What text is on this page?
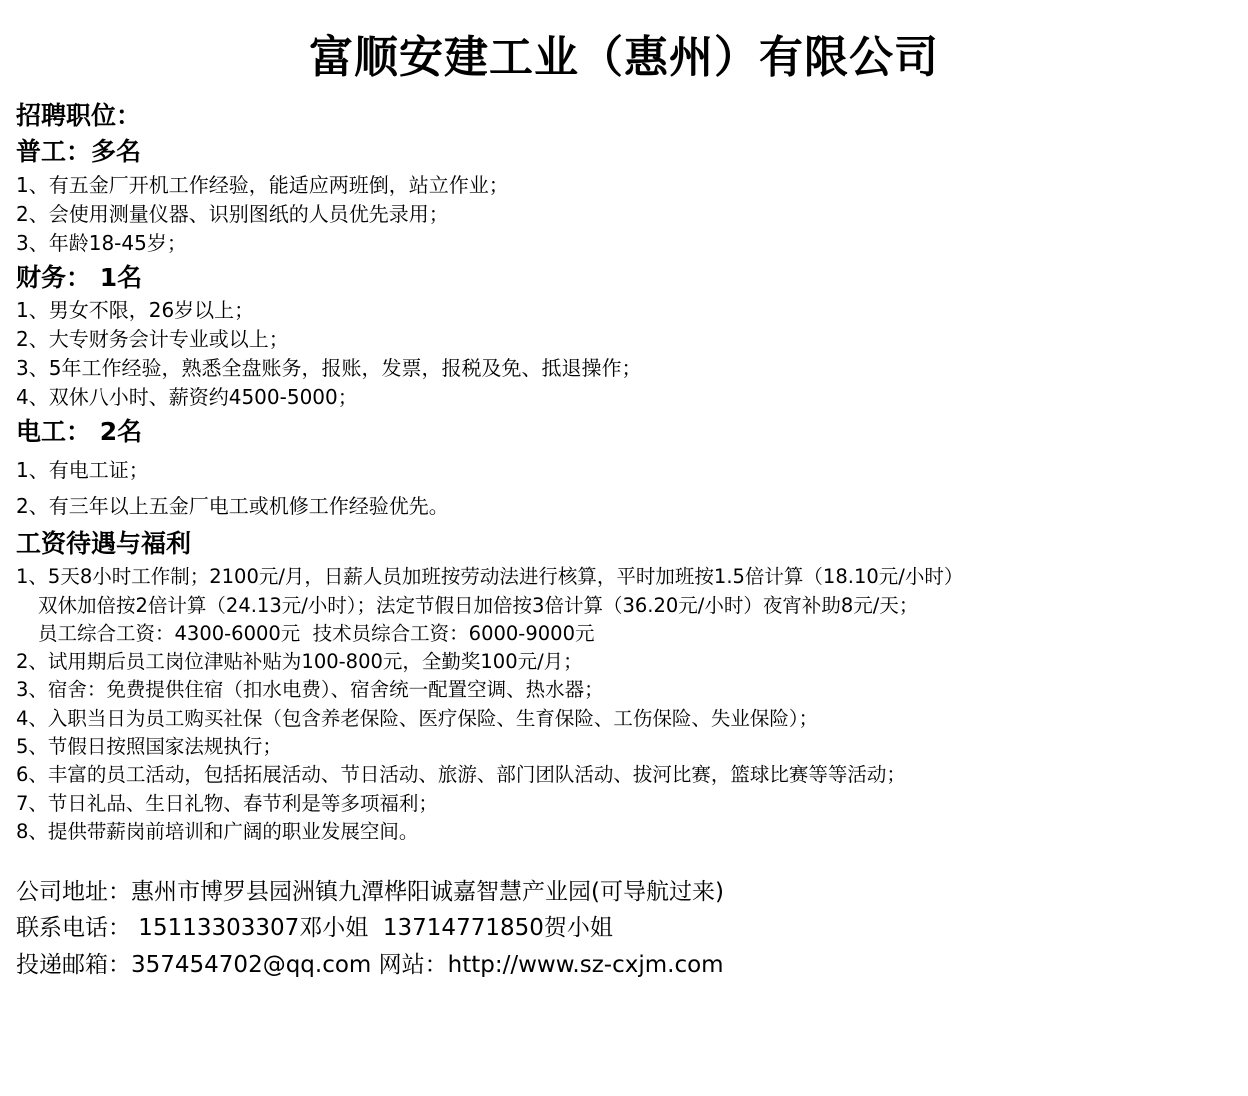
富顺安建工业（惠州）有限公司
招聘职位：
普工：多名
1、有五金厂开机工作经验，能适应两班倒，站立作业；
2、会使用测量仪器、识别图纸的人员优先录用；
3、年龄18-45岁；
财务： 1名
1、男女不限，26岁以上；
2、大专财务会计专业或以上；
3、5年工作经验，熟悉全盘账务，报账，发票，报税及免、抵退操作；
4、双休八小时、薪资约4500-5000；
电工： 2名
1、有电工证；
2、有三年以上五金厂电工或机修工作经验优先。
工资待遇与福利
1、5天8小时工作制；2100元/月，日薪人员加班按劳动法进行核算，平时加班按1.5倍计算（18.10元/小时）
双休加倍按2倍计算（24.13元/小时）；法定节假日加倍按3倍计算（36.20元/小时）夜宵补助8元/天；
员工综合工资：4300-6000元  技术员综合工资：6000-9000元
2、试用期后员工岗位津贴补贴为100-800元，全勤奖100元/月；
3、宿舍：免费提供住宿（扣水电费）、宿舍统一配置空调、热水器；
4、入职当日为员工购买社保（包含养老保险、医疗保险、生育保险、工伤保险、失业保险）；
5、节假日按照国家法规执行；
6、丰富的员工活动，包括拓展活动、节日活动、旅游、部门团队活动、拔河比赛，篮球比赛等等活动；
7、节日礼品、生日礼物、春节利是等多项福利；
8、提供带薪岗前培训和广阔的职业发展空间。
公司地址：惠州市博罗县园洲镇九潭桦阳诚嘉智慧产业园(可导航过来)
联系电话： 15113303307邓小姐  13714771850贺小姐
投递邮箱：357454702@qq.com 网站：http://www.sz-cxjm.com
